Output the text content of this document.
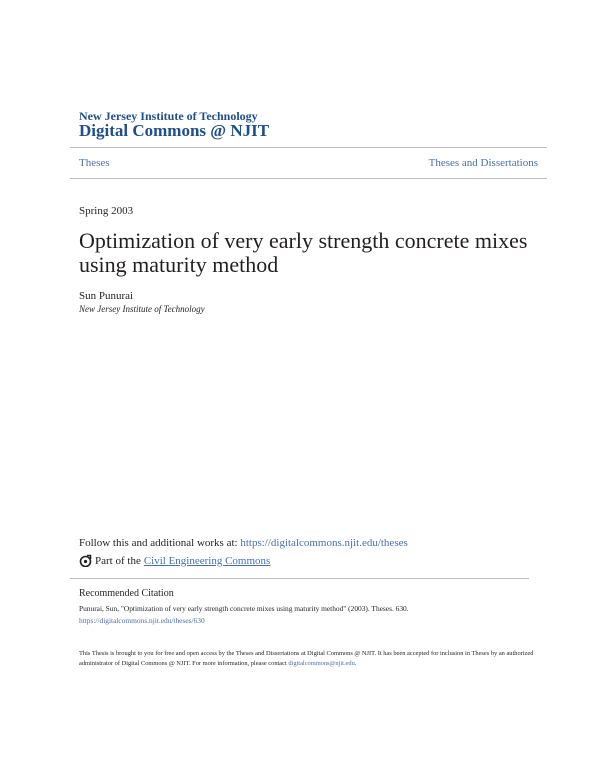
New Jersey Institute of Technology
Digital Commons @ NJIT
Theses	Theses and Dissertations
Spring 2003
Optimization of very early strength concrete mixes using maturity method
Sun Punurai
New Jersey Institute of Technology
Follow this and additional works at: https://digitalcommons.njit.edu/theses
Part of the Civil Engineering Commons
Recommended Citation
Punurai, Sun, "Optimization of very early strength concrete mixes using maturity method" (2003). Theses. 630.
https://digitalcommons.njit.edu/theses/630
This Thesis is brought to you for free and open access by the Theses and Dissertations at Digital Commons @ NJIT. It has been accepted for inclusion in Theses by an authorized administrator of Digital Commons @ NJIT. For more information, please contact digitalcommons@njit.edu.
